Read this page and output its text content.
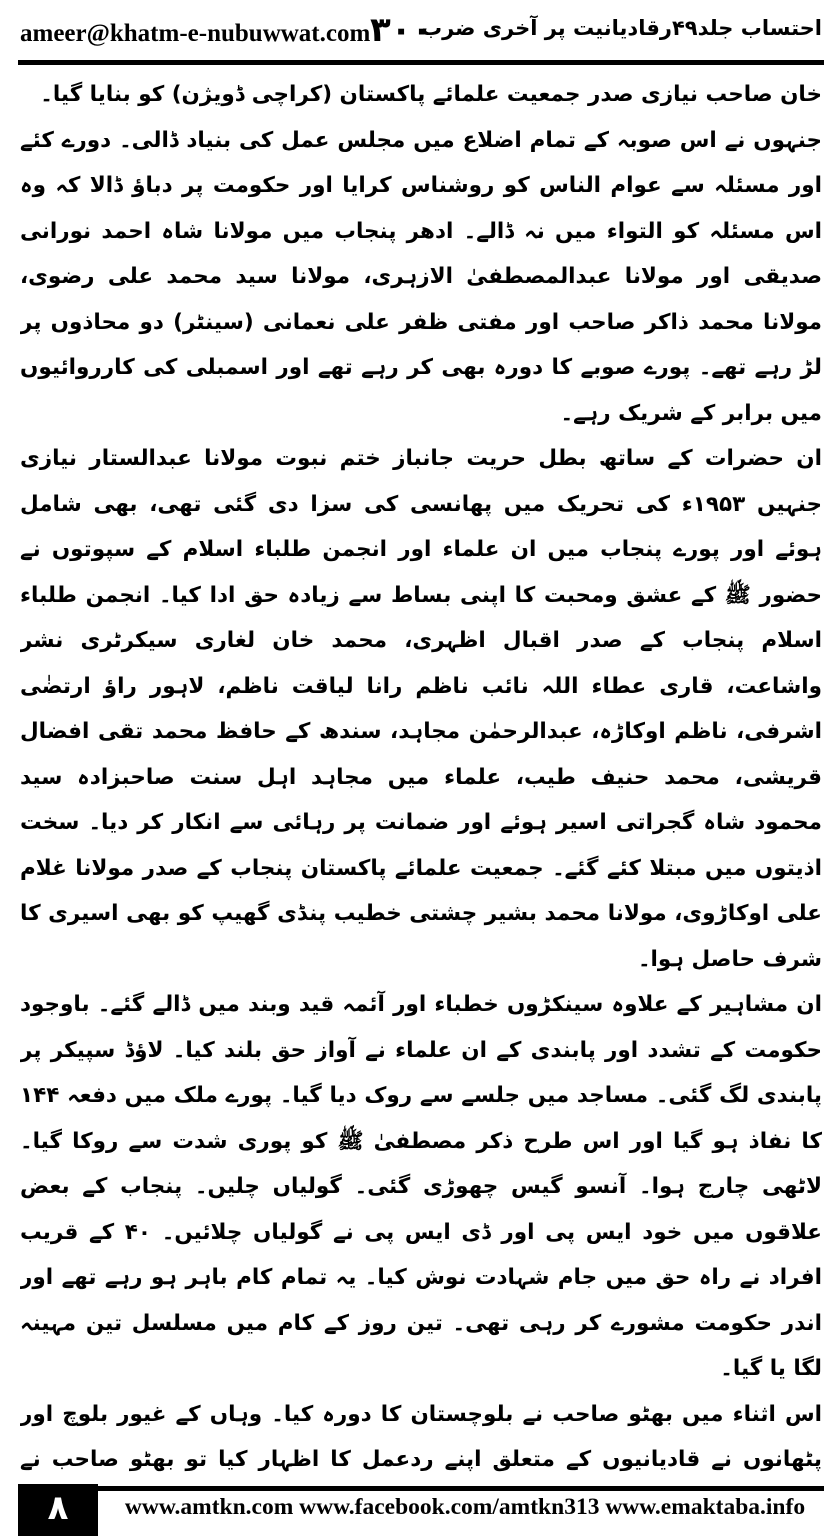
ameer@khatm-e-nubuwwat.com ۳۰۰
احتساب جلد۴۹رقادیانیت پر آخری ضرب

خان صاحب نیازی صدر جمعیت علمائے پاکستان (کراچی ڈویژن) کو بنایا گیا۔

جنہوں نے اس صوبہ کے تمام اضلاع میں مجلس عمل کی بنیاد ڈالی۔ دورے کئے اور مسئلہ سے عوام الناس کو روشناس کرایا اور حکومت پر دباؤ ڈالا کہ وہ اس مسئلہ کو التواء میں نہ ڈالے۔ ادھر پنجاب میں مولانا شاہ احمد نورانی صدیقی اور مولانا عبدالمصطفیٰ الازہری، مولانا سید محمد علی رضوی، مولانا محمد ذاکر صاحب اور مفتی ظفر علی نعمانی (سینٹر) دو محاذوں پر لڑ رہے تھے۔ پورے صوبے کا دورہ بھی کر رہے تھے اور اسمبلی کی کارروائیوں میں برابر کے شریک رہے۔

ان حضرات کے ساتھ بطل حریت جانباز ختم نبوت مولانا عبدالستار نیازی جنہیں ۱۹۵۳ء کی تحریک میں پھانسی کی سزا دی گئی تھی، بھی شامل ہوئے اور پورے پنجاب میں ان علماء اور انجمن طلباء اسلام کے سپوتوں نے حضور ﷺ کے عشق ومحبت کا اپنی بساط سے زیادہ حق ادا کیا۔ انجمن طلباء اسلام پنجاب کے صدر اقبال اظہری، محمد خان لغاری سیکرٹری نشر واشاعت، قاری عطاء اللہ نائب ناظم رانا لیاقت ناظم، لاہور راؤ ارتضٰی اشرفی، ناظم اوکاڑہ، عبدالرحمٰن مجاہد، سندھ کے حافظ محمد تقی افضال قریشی، محمد حنیف طیب، علماء میں مجاہد اہل سنت صاحبزادہ سید محمود شاہ گجراتی اسیر ہوئے اور ضمانت پر رہائی سے انکار کر دیا۔ سخت اذیتوں میں مبتلا کئے گئے۔ جمعیت علمائے پاکستان پنجاب کے صدر مولانا غلام علی اوکاڑوی، مولانا محمد بشیر چشتی خطیب پنڈی گھیپ کو بھی اسیری کا شرف حاصل ہوا۔

ان مشاہیر کے علاوہ سینکڑوں خطباء اور آئمہ قید وبند میں ڈالے گئے۔ باوجود حکومت کے تشدد اور پابندی کے ان علماء نے آواز حق بلند کیا۔ لاؤڈ سپیکر پر پابندی لگ گئی۔ مساجد میں جلسے سے روک دیا گیا۔ پورے ملک میں دفعہ ۱۴۴ کا نفاذ ہو گیا اور اس طرح ذکر مصطفیٰ ﷺ کو پوری شدت سے روکا گیا۔ لاٹھی چارج ہوا۔ آنسو گیس چھوڑی گئی۔ گولیاں چلیں۔ پنجاب کے بعض علاقوں میں خود ایس پی اور ڈی ایس پی نے گولیاں چلائیں۔ ۴۰ کے قریب افراد نے راہ حق میں جام شہادت نوش کیا۔ یہ تمام کام باہر ہو رہے تھے اور اندر حکومت مشورے کر رہی تھی۔ تین روز کے کام میں مسلسل تین مہینہ لگا یا گیا۔

اس اثناء میں بھٹو صاحب نے بلوچستان کا دورہ کیا۔ وہاں کے غیور بلوچ اور پٹھانوں نے قادیانیوں کے متعلق اپنے ردعمل کا اظہار کیا تو بھٹو صاحب نے

۸	www.amtkn.com www.facebook.com/amtkn313 www.emaktaba.info
